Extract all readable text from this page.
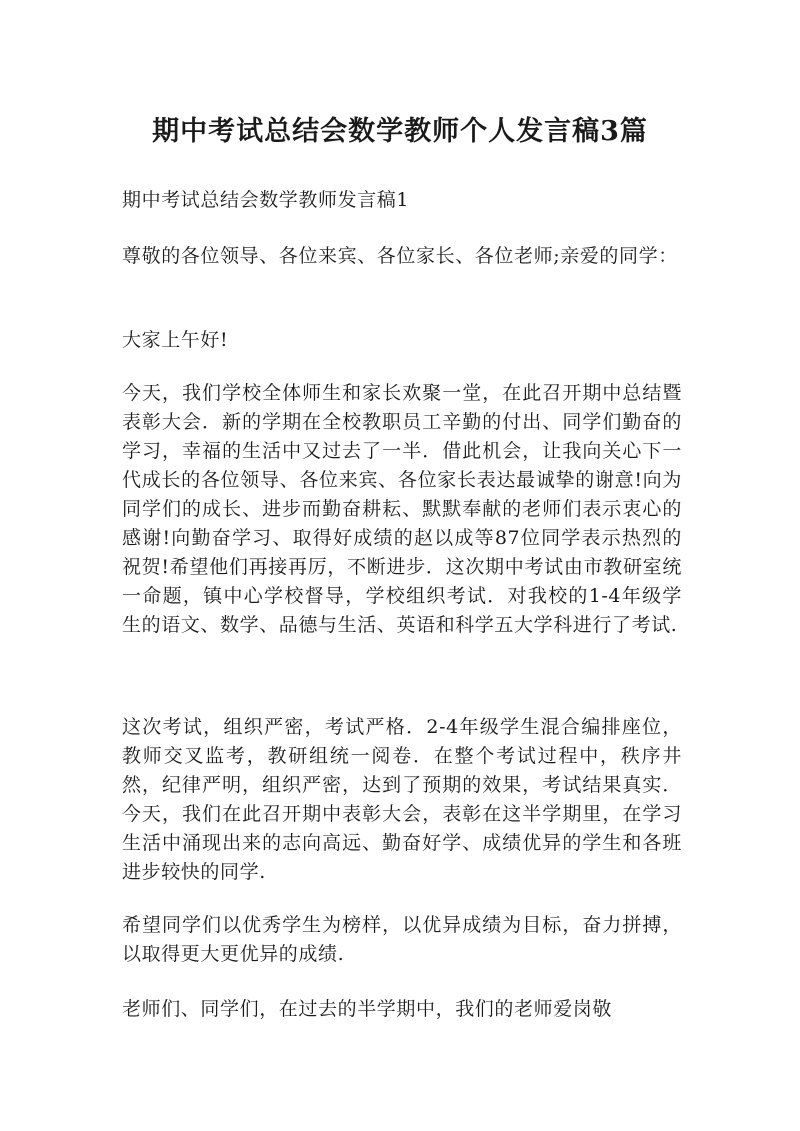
期中考试总结会数学教师个人发言稿3篇

期中考试总结会数学教师发言稿1

尊敬的各位领导、各位来宾、各位家长、各位老师;亲爱的同学：

大家上午好!

今天，我们学校全体师生和家长欢聚一堂，在此召开期中总结暨表彰大会．新的学期在全校教职员工辛勤的付出、同学们勤奋的学习，幸福的生活中又过去了一半．借此机会，让我向关心下一代成长的各位领导、各位来宾、各位家长表达最诚挚的谢意!向为同学们的成长、进步而勤奋耕耘、默默奉献的老师们表示衷心的感谢!向勤奋学习、取得好成绩的赵以成等87位同学表示热烈的祝贺!希望他们再接再厉，不断进步．这次期中考试由市教研室统一命题，镇中心学校督导，学校组织考试．对我校的1-4年级学生的语文、数学、品德与生活、英语和科学五大学科进行了考试.

这次考试，组织严密，考试严格．2-4年级学生混合编排座位，教师交叉监考，教研组统一阅卷．在整个考试过程中，秩序井然，纪律严明，组织严密，达到了预期的效果，考试结果真实．今天，我们在此召开期中表彰大会，表彰在这半学期里，在学习生活中涌现出来的志向高远、勤奋好学、成绩优异的学生和各班进步较快的同学.

希望同学们以优秀学生为榜样，以优异成绩为目标，奋力拼搏，以取得更大更优异的成绩.

老师们、同学们，在过去的半学期中，我们的老师爱岗敬
